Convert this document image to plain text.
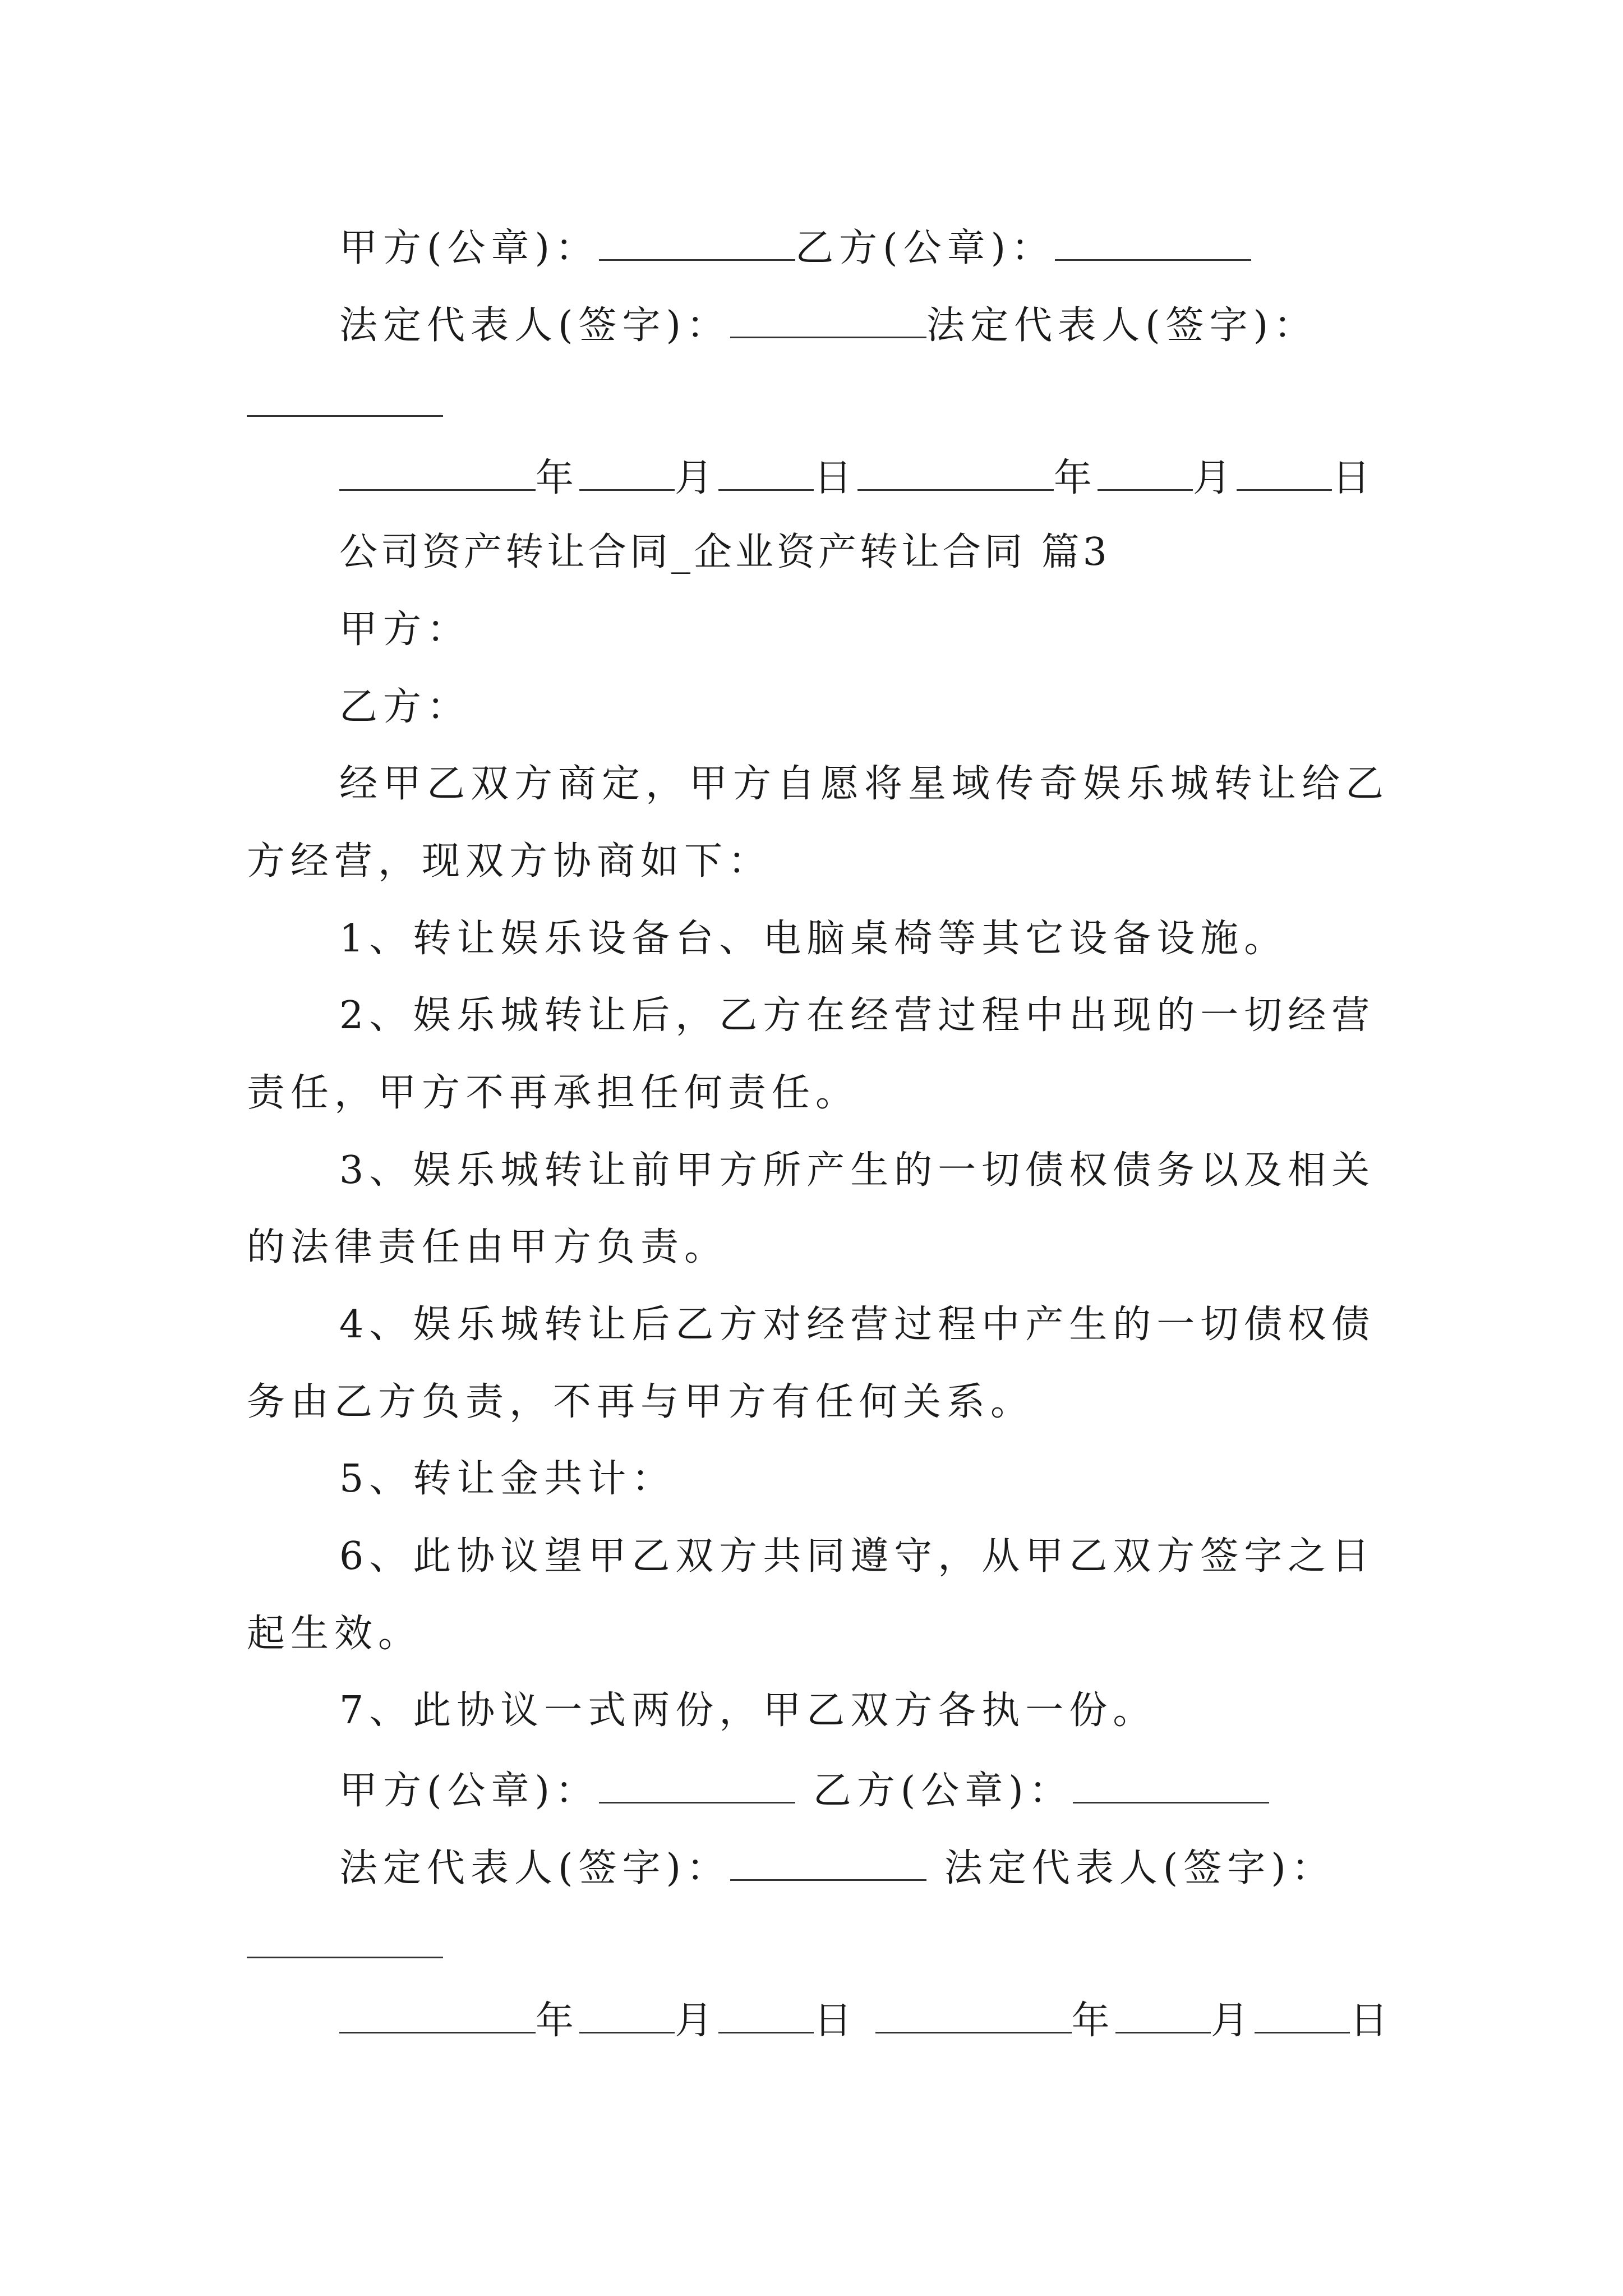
甲方(公章)：	乙方(公章)：
法定代表人(签字)：	法定代表人(签字)：
年	月	日	年	月	日
公司资产转让合同_企业资产转让合同 篇3
甲方：
乙方：
经甲乙双方商定，甲方自愿将星域传奇娱乐城转让给乙
方经营，现双方协商如下：
1、转让娱乐设备台、电脑桌椅等其它设备设施。
2、娱乐城转让后，乙方在经营过程中出现的一切经营
责任，甲方不再承担任何责任。
3、娱乐城转让前甲方所产生的一切债权债务以及相关
的法律责任由甲方负责。
4、娱乐城转让后乙方对经营过程中产生的一切债权债
务由乙方负责，不再与甲方有任何关系。
5、转让金共计：
6、此协议望甲乙双方共同遵守，从甲乙双方签字之日
起生效。
7、此协议一式两份，甲乙双方各执一份。
甲方(公章)：	乙方(公章)：
法定代表人(签字)：	法定代表人(签字)：
年	月	日	年	月	日
